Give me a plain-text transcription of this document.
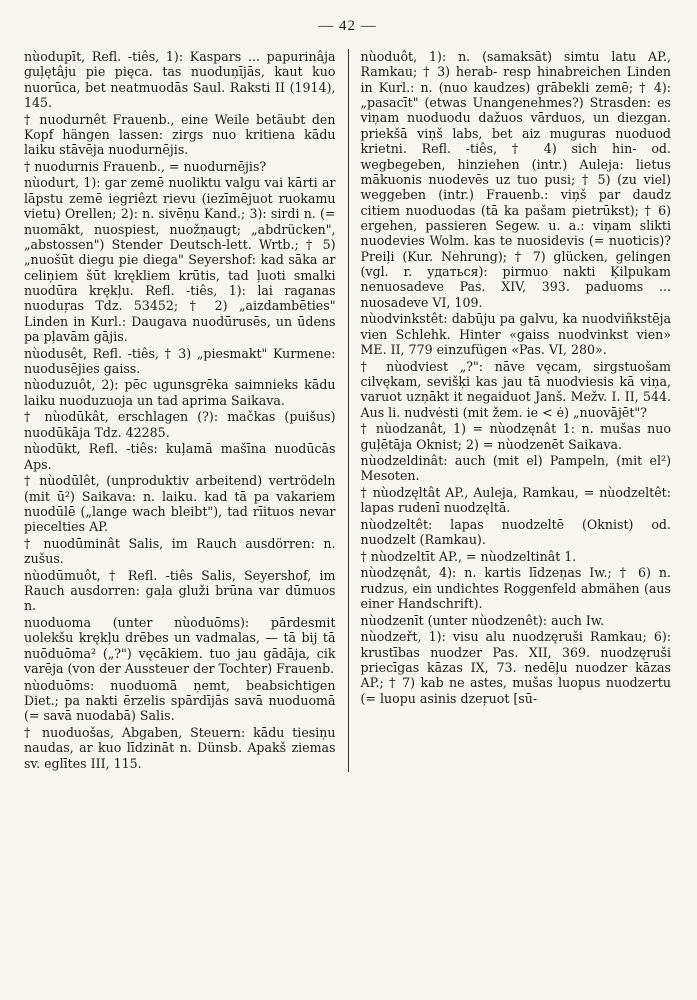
— 42 —

nùodupīt, Refl. -tiês, 1): Kaspars ... papurinâja guļętâju pie pięca. tas nuoduņījās, kaut kuo nuorūca, bet neatmuodās Saul. Raksti II (1914), 145.

† nuodurnêt Frauenb., eine Weile betäubt den Kopf hängen lassen: zirgs nuo kritiena kādu laiku stāvēja nuodurnējis.

† nuodurnis Frauenb., = nuodurnējis?

nùodurt, 1): gar zemē nuoliktu valgu vai kārti ar lāpstu zemē iegriêzt rievu (iezīmējuot ruokamu vietu) Orellen; 2): n. sivēņu Kand.; 3): sirdi n. (= nuomākt, nuospiest, nuožņaugt; „abdrücken", „abstossen") Stender Deutsch-lett. Wrtb.; † 5) „nuošūt diegu pie diega" Seyershof: kad sāka ar celiņiem šūt krękliem krūtis, tad ļuoti smalki nuodūra krękļu. Refl. -tiês, 1): lai raganas nuoduŗas Tdz. 53452; † 2) „aizdambēties" Linden in Kurl.: Daugava nuodūrusēs, un ūdens pa pļavām gājis.

nùodusêt, Refl. -tiês, † 3) „piesmakt" Kurmene: nuodusējies gaiss.

nùoduzuôt, 2): pēc ugunsgrēka saimnieks kādu laiku nuoduzuoja un tad aprima Saikava.

† nùodūkât, erschlagen (?): mačkas (puišus) nuodūkāja Tdz. 42285.

nùodūkt, Refl. -tiês: kuļamā mašīna nuodūcās Aps.

† nùodūlêt, (unproduktiv arbeitend) vertrödeln (mit ū²) Saikava: n. laiku. kad tā pa vakariem nuodūlē („lange wach bleibt"), tad rīituos nevar piecelties AP.

† nuodūminât Salis, im Rauch ausdörren: n. zušus.

nùodūmuôt, † Refl. -tiês Salis, Seyershof, im Rauch ausdorren: gaļa gluži brūna var dūmuos n.

nuoduoma (unter nùoduōms): pārdesmit uolekšu krękļu drēbes un vadmalas, — tā bij tā nuōduōma² („?") vęcākiem. tuo jau gādāja, cik varēja (von der Aussteuer der Tochter) Frauenb.

nùoduōms: nuoduomā ņemt, beabsichtigen Diet.; pa nakti ērzelis spārdījās savā nuoduomā (= savā nuodabā) Salis.

† nuoduošas, Abgaben, Steuern: kādu tiesiņu naudas, ar kuo līdzināt n. Dünsb. Apakš ziemas sv. eglītes III, 115.

nùoduôt, 1): n. (samaksāt) simtu latu AP., Ramkau; † 3) herab- resp hinabreichen Linden in Kurl.: n. (nuo kaudzes) grābekli zemē; † 4): „pasacīt" (etwas Unangenehmes?) Strasden: es viņam nuoduodu dažuos vārduos, un diezgan. priekšā viņš labs, bet aiz muguras nuoduod krietni. Refl. -tiês, † 4) sich hin- od. wegbegeben, hinziehen (intr.) Auleja: lietus mākuonis nuodevēs uz tuo pusi; † 5) (zu viel) weggeben (intr.) Frauenb.: viņš par daudz citiem nuoduodas (tā ka pašam pietrūkst); † 6) ergehen, passieren Segew. u. a.: viņam slikti nuodevies Wolm. kas te nuosidevis (= nuoticis)? Preiļi (Kur. Nehrung); † 7) glücken, gelingen (vgl. r. удаться): pirmuo nakti Ķilpukam nenuosadeve Pas. XIV, 393. paduoms ... nuosadeve VI, 109.

nùodvinkstêt: dabūju pa galvu, ka nuodviñkstēja vien Schlehk. Hinter «gaiss nuodvinkst vien» ME. II, 779 einzufügen «Pas. VI, 280».

† nùodviest „?": nāve vęcam, sirgstuošam cilvękam, sevišķi kas jau tā nuodviesis kā viņa, varuot uzņākt it negaiduot Janš. Mežv. I. II, 544. Aus li. nudvėsti (mit žem. ie < ė) „nuovājēt"?

† nùodzanât, 1) = nùodzęnât 1: n. mušas nuo guļētāja Oknist; 2) = nùodzenēt Saikava.

nùodzeldinât: auch (mit el) Pampeln, (mit el²) Mesoten.

† nùodzęltât AP., Auleja, Ramkau, = nùodzeltêt: lapas rudenī nuodzęltā.

nùodzeltêt: lapas nuodzeltē (Oknist) od. nuodzelt (Ramkau).

† nùodzeltīt AP., = nùodzeltinât 1.

nùodzęnât, 4): n. kartis līdzeņas Iw.; † 6) n. rudzus, ein undichtes Roggenfeld abmähen (aus einer Handschrift).

nùodzenīt (unter nùodzenêt): auch Iw.

nùodzeřt, 1): visu alu nuodzęruši Ramkau; 6): krustības nuodzer Pas. XII, 369. nuodzęruši priecīgas kāzas IX, 73. nedēļu nuodzer kāzas AP.; † 7) kab ne astes, mušas luopus nuodzertu (= luopu asinis dzeŗuot [sū-
